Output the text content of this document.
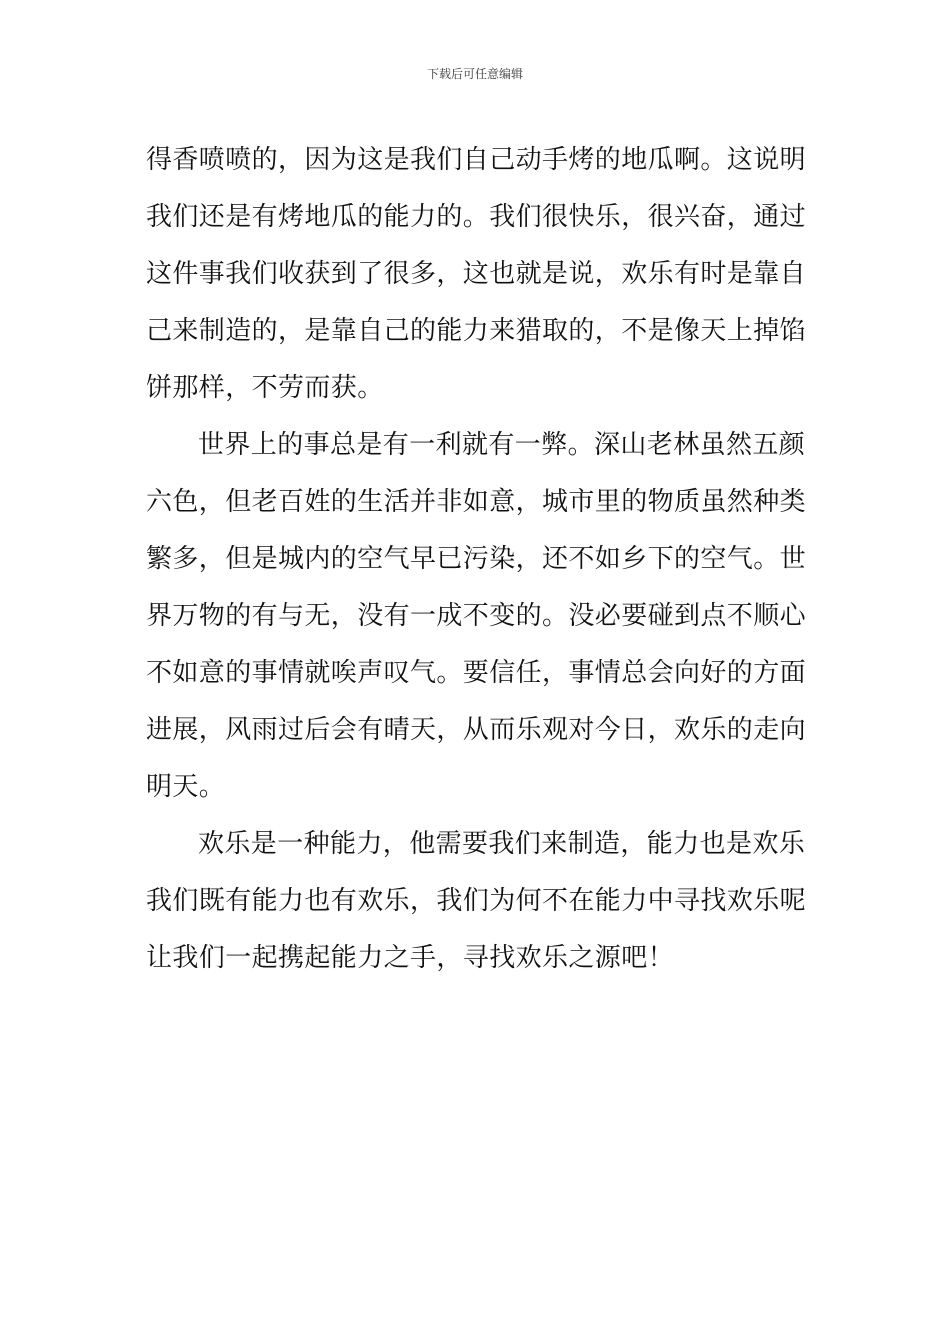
下载后可任意编辑
得香喷喷的，因为这是我们自己动手烤的地瓜啊。这说明
我们还是有烤地瓜的能力的。我们很快乐，很兴奋，通过
这件事我们收获到了很多，这也就是说，欢乐有时是靠自
己来制造的，是靠自己的能力来猎取的，不是像天上掉馅
饼那样，不劳而获。
世界上的事总是有一利就有一弊。深山老林虽然五颜
六色，但老百姓的生活并非如意，城市里的物质虽然种类
繁多，但是城内的空气早已污染，还不如乡下的空气。世
界万物的有与无，没有一成不变的。没必要碰到点不顺心
不如意的事情就唉声叹气。要信任，事情总会向好的方面
进展，风雨过后会有晴天，从而乐观对今日，欢乐的走向
明天。
欢乐是一种能力，他需要我们来制造，能力也是欢乐
我们既有能力也有欢乐，我们为何不在能力中寻找欢乐呢
让我们一起携起能力之手，寻找欢乐之源吧！
